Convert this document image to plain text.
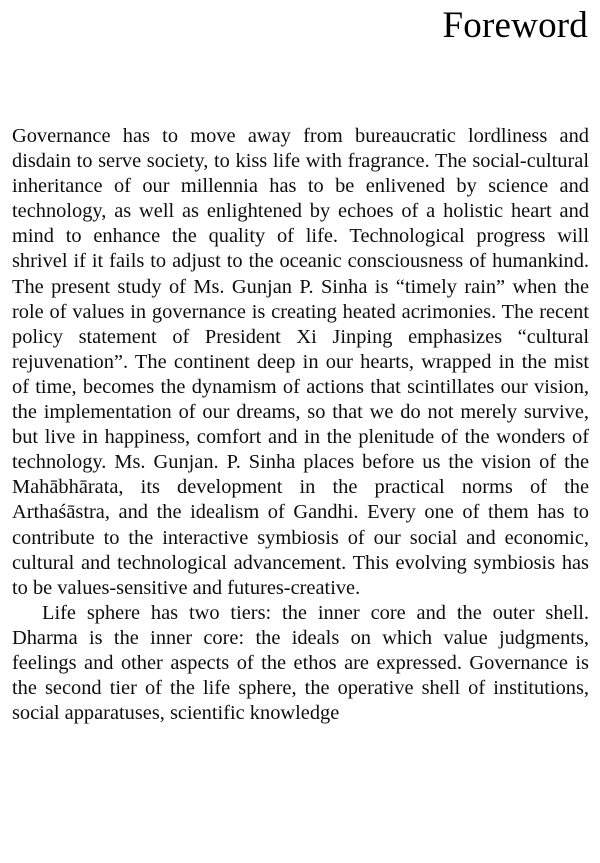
Foreword

Governance has to move away from bureaucratic lordliness and disdain to serve society, to kiss life with fragrance. The social-cultural inheritance of our millennia has to be enlivened by science and technology, as well as enlightened by echoes of a holistic heart and mind to enhance the quality of life. Technological progress will shrivel if it fails to adjust to the oceanic consciousness of humankind. The present study of Ms. Gunjan P. Sinha is “timely rain” when the role of values in governance is creating heated acrimonies. The recent policy statement of President Xi Jinping emphasizes “cultural rejuvenation”. The continent deep in our hearts, wrapped in the mist of time, becomes the dynamism of actions that scintillates our vision, the implementation of our dreams, so that we do not merely survive, but live in happiness, comfort and in the plenitude of the wonders of technology. Ms. Gunjan. P. Sinha places before us the vision of the Mahābhārata, its development in the practical norms of the Arthaśāstra, and the idealism of Gandhi. Every one of them has to contribute to the interactive symbiosis of our social and economic, cultural and technological advancement. This evolving symbiosis has to be values-sensitive and futures-creative.

Life sphere has two tiers: the inner core and the outer shell. Dharma is the inner core: the ideals on which value judgments, feelings and other aspects of the ethos are expressed. Governance is the second tier of the life sphere, the operative shell of institutions, social apparatuses, scientific knowledge
